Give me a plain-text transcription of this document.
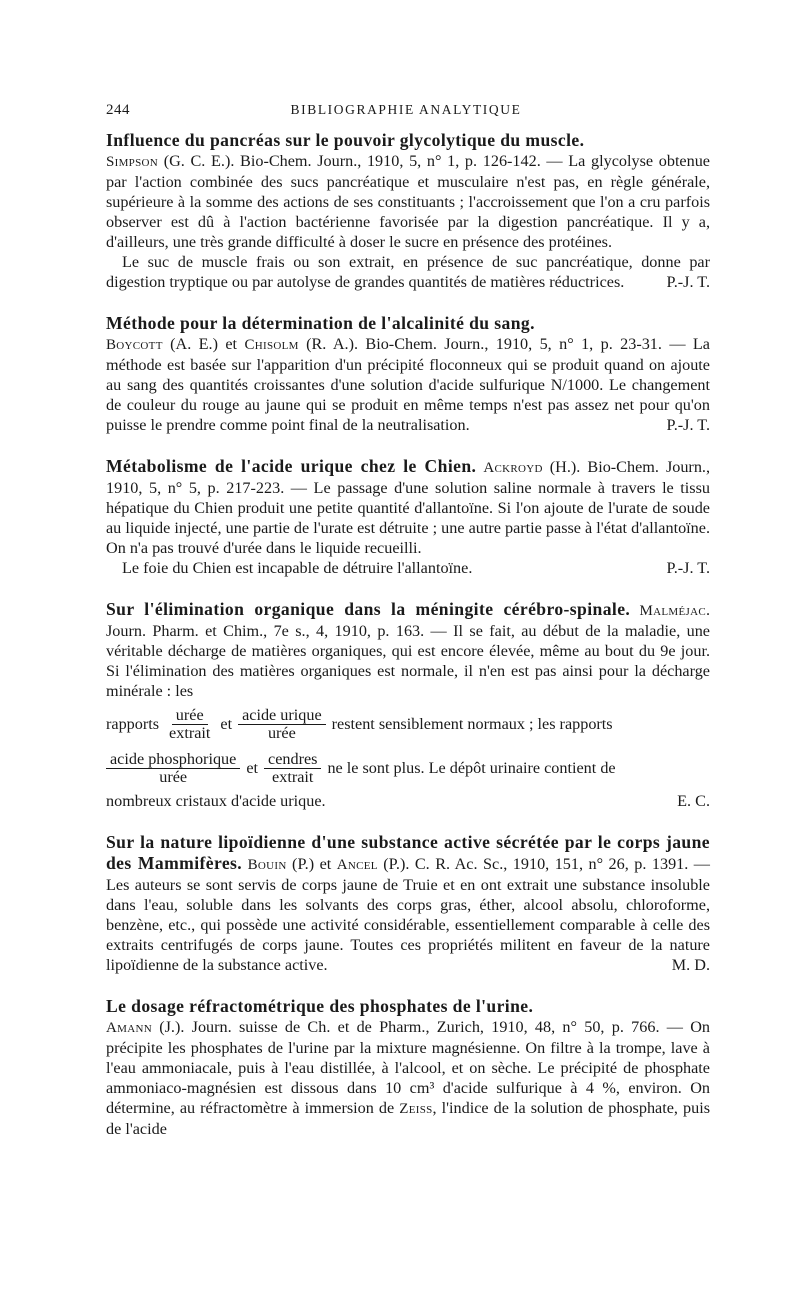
244	BIBLIOGRAPHIE ANALYTIQUE

Influence du pancréas sur le pouvoir glycolytique du muscle.
Simpson (G. C. E.). Bio-Chem. Journ., 1910, 5, n° 1, p. 126-142. — La glycolyse obtenue par l'action combinée des sucs pancréatique et musculaire n'est pas, en règle générale, supérieure à la somme des actions de ses constituants ; l'accroissement que l'on a cru parfois observer est dû à l'action bactérienne favorisée par la digestion pancréatique. Il y a, d'ailleurs, une très grande difficulté à doser le sucre en présence des protéines.

Le suc de muscle frais ou son extrait, en présence de suc pancréatique, donne par digestion tryptique ou par autolyse de grandes quantités de matières réductrices.	P.-J. T.

Méthode pour la détermination de l'alcalinité du sang.
Boycott (A. E.) et Chisolm (R. A.). Bio-Chem. Journ., 1910, 5, n° 1, p. 23-31. — La méthode est basée sur l'apparition d'un précipité floconneux qui se produit quand on ajoute au sang des quantités croissantes d'une solution d'acide sulfurique N/1000. Le changement de couleur du rouge au jaune qui se produit en même temps n'est pas assez net pour qu'on puisse le prendre comme point final de la neutralisation.	P.-J. T.

Métabolisme de l'acide urique chez le Chien. Ackroyd (H.). Bio-Chem. Journ., 1910, 5, n° 5, p. 217-223. — Le passage d'une solution saline normale à travers le tissu hépatique du Chien produit une petite quantité d'allantoïne. Si l'on ajoute de l'urate de soude au liquide injecté, une partie de l'urate est détruite ; une autre partie passe à l'état d'allantoïne. On n'a pas trouvé d'urée dans le liquide recueilli.

Le foie du Chien est incapable de détruire l'allantoïne.	P.-J. T.

Sur l'élimination organique dans la méningite cérébro-spinale. Malméjac. Journ. Pharm. et Chim., 7e s., 4, 1910, p. 163. — Il se fait, au début de la maladie, une véritable décharge de matières organiques, qui est encore élevée, même au bout du 9e jour. Si l'élimination des matières organiques est normale, il n'en est pas ainsi pour la décharge minérale : les

rapports $\frac{\text{urée}}{\text{extrait}}$ et $\frac{\text{acide urique}}{\text{urée}}$ restent sensiblement normaux ; les rapports
$\frac{\text{acide phosphorique}}{\text{urée}}$ et $\frac{\text{cendres}}{\text{extrait}}$ ne le sont plus. Le dépôt urinaire contient de

nombreux cristaux d'acide urique.	E. C.

Sur la nature lipoïdienne d'une substance active sécrétée par le corps jaune des Mammifères. Bouin (P.) et Ancel (P.). C. R. Ac. Sc., 1910, 151, n° 26, p. 1391. — Les auteurs se sont servis de corps jaune de Truie et en ont extrait une substance insoluble dans l'eau, soluble dans les solvants des corps gras, éther, alcool absolu, chloroforme, benzène, etc., qui possède une activité considérable, essentiellement comparable à celle des extraits centrifugés de corps jaune. Toutes ces propriétés militent en faveur de la nature lipoïdienne de la substance active.	M. D.

Le dosage réfractométrique des phosphates de l'urine.
Amann (J.). Journ. suisse de Ch. et de Pharm., Zurich, 1910, 48, n° 50, p. 766. — On précipite les phosphates de l'urine par la mixture magnésienne. On filtre à la trompe, lave à l'eau ammoniacale, puis à l'eau distillée, à l'alcool, et on sèche. Le précipité de phosphate ammoniaco-magnésien est dissous dans 10 cm³ d'acide sulfurique à 4 %, environ. On détermine, au réfractomètre à immersion de Zeiss, l'indice de la solution de phosphate, puis de l'acide
